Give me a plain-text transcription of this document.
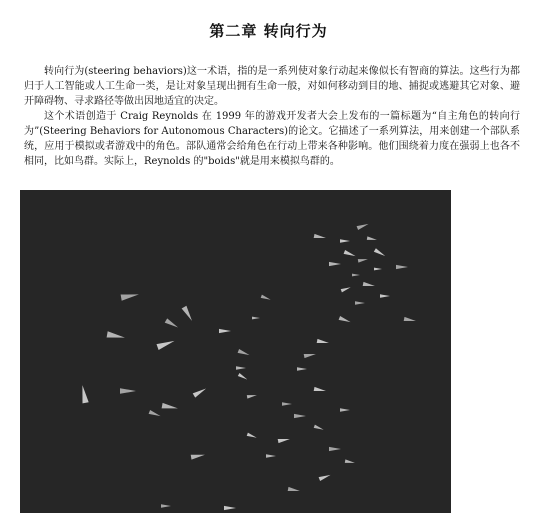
第二章 转向行为

转向行为(steering behaviors)这一术语，指的是一系列使对象行动起来像似长有智商的算法。这些行为都归于人工智能或人工生命一类，是让对象呈现出拥有生命一般，对如何移动到目的地、捕捉或逃避其它对象、避开障碍物、寻求路径等做出因地适宜的决定。

这个术语创造于 Craig Reynolds 在 1999 年的游戏开发者大会上发布的一篇标题为“自主角色的转向行为”(Steering Behaviors for Autonomous Characters)的论文。它描述了一系列算法，用来创建一个部队系统，应用于模拟或者游戏中的角色。部队通常会给角色在行动上带来各种影响。他们围绕着力度在强弱上也各不相同，比如鸟群。实际上，Reynolds 的"boids"就是用来模拟鸟群的。
